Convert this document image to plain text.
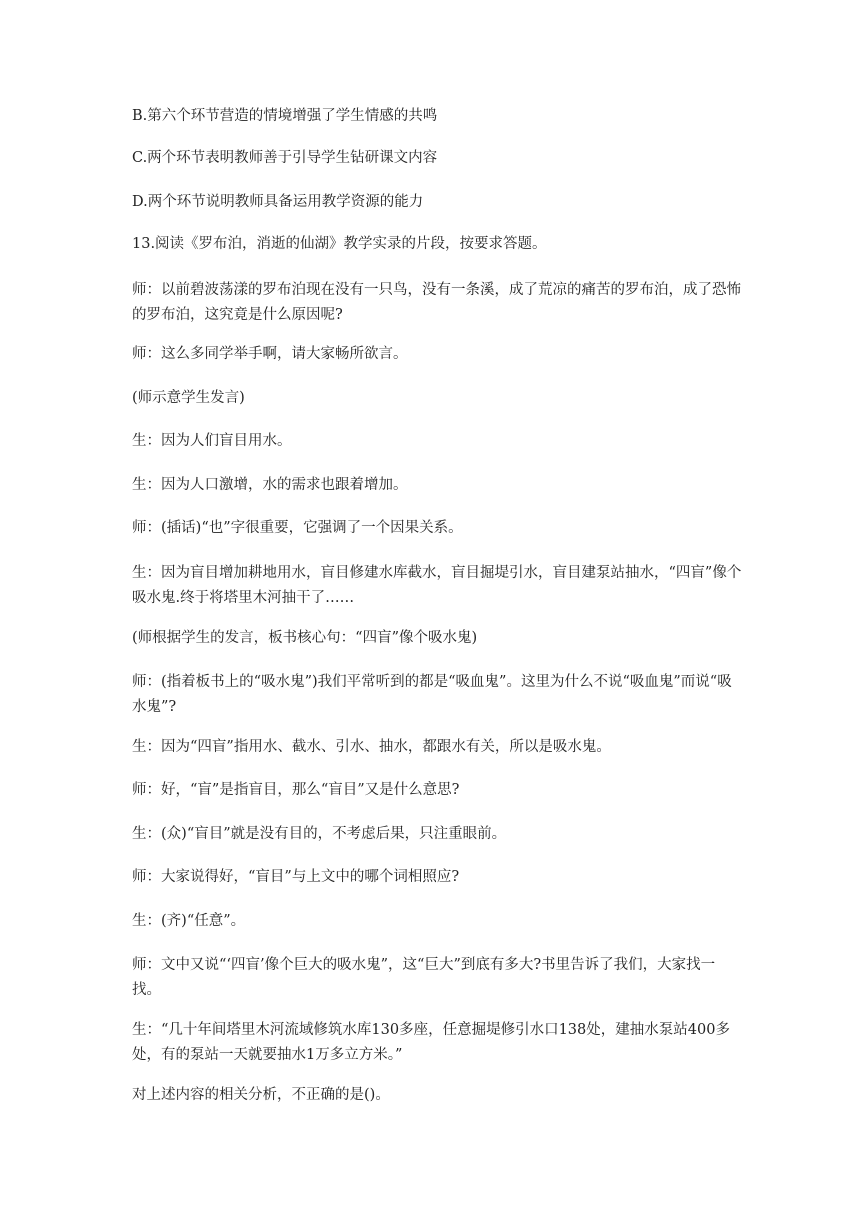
B.第六个环节营造的情境增强了学生情感的共鸣

C.两个环节表明教师善于引导学生钻研课文内容

D.两个环节说明教师具备运用教学资源的能力

13.阅读《罗布泊，消逝的仙湖》教学实录的片段，按要求答题。

师：以前碧波荡漾的罗布泊现在没有一只鸟，没有一条溪，成了荒凉的痛苦的罗布泊，成了恐怖的罗布泊，这究竟是什么原因呢?

师：这么多同学举手啊，请大家畅所欲言。

(师示意学生发言)

生：因为人们盲目用水。

生：因为人口激增，水的需求也跟着增加。

师：(插话)“也”字很重要，它强调了一个因果关系。

生：因为盲目增加耕地用水，盲目修建水库截水，盲目掘堤引水，盲目建泵站抽水，“四盲”像个吸水鬼.终于将塔里木河抽干了……

(师根据学生的发言，板书核心句：“四盲”像个吸水鬼)

师：(指着板书上的“吸水鬼”)我们平常听到的都是“吸血鬼”。这里为什么不说“吸血鬼”而说“吸水鬼”?

生：因为“四盲”指用水、截水、引水、抽水，都跟水有关，所以是吸水鬼。

师：好，“盲”是指盲目，那么“盲目”又是什么意思?

生：(众)“盲目”就是没有目的，不考虑后果，只注重眼前。

师：大家说得好，“盲目”与上文中的哪个词相照应?

生：(齐)“任意”。

师：文中又说“‘四盲’像个巨大的吸水鬼”，这“巨大”到底有多大?书里告诉了我们，大家找一找。

生：“几十年间塔里木河流域修筑水库130多座，任意掘堤修引水口138处，建抽水泵站400多处，有的泵站一天就要抽水1万多立方米。”

对上述内容的相关分析，不正确的是()。
